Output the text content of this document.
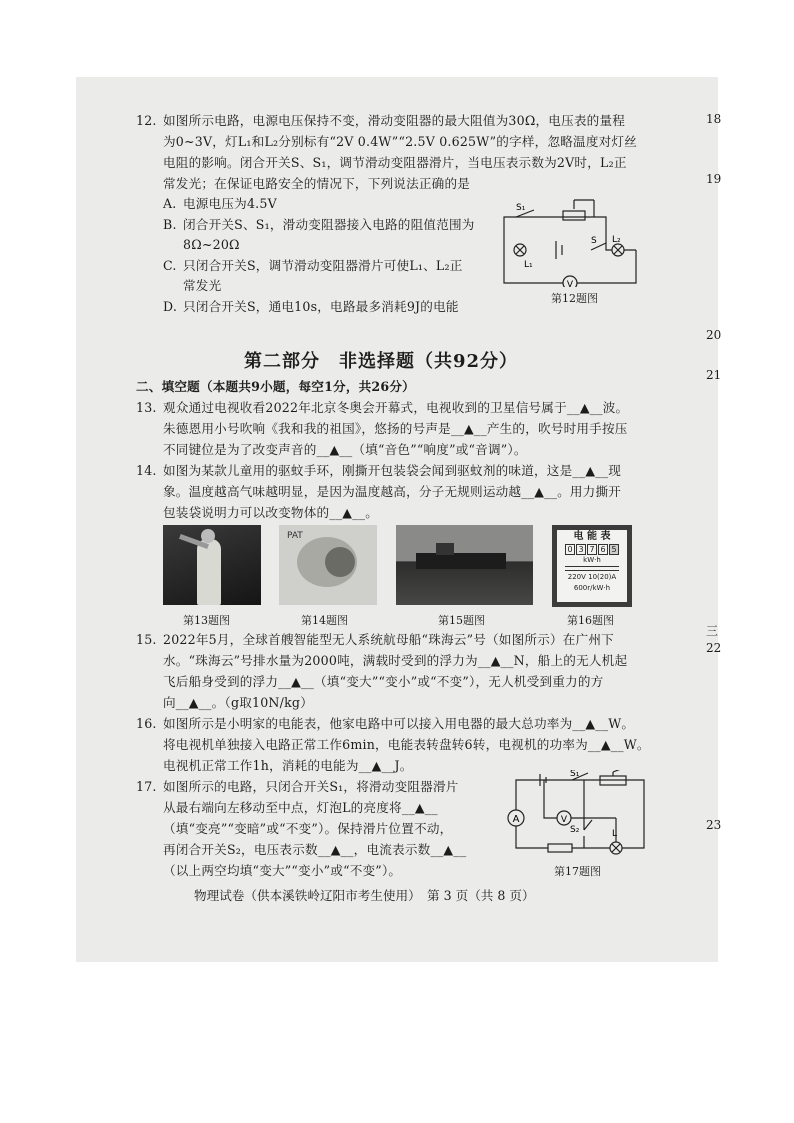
12. 如图所示电路，电源电压保持不变，滑动变阻器的最大阻值为30Ω，电压表的量程
为0~3V，灯L₁和L₂分别标有“2V 0.4W”“2.5V 0.625W”的字样，忽略温度对灯丝
电阻的影响。闭合开关S、S₁，调节滑动变阻器滑片，当电压表示数为2V时，L₂正
常发光；在保证电路安全的情况下，下列说法正确的是
A. 电源电压为4.5V
B. 闭合开关S、S₁，滑动变阻器接入电路的阻值范围为
8Ω~20Ω
C. 只闭合开关S，调节滑动变阻器滑片可使L₁、L₂正
常发光
D. 只闭合开关S，通电10s，电路最多消耗9J的电能
V
S₁
S
L₁
L₂
第12题图
第二部分　非选择题（共92分）
二、填空题（本题共9小题，每空1分，共26分）
13. 观众通过电视收看2022年北京冬奥会开幕式，电视收到的卫星信号属于__▲__波。
朱德恩用小号吹响《我和我的祖国》，悠扬的号声是__▲__产生的，吹号时用手按压
不同键位是为了改变声音的__▲__（填“音色”“响度”或“音调”）。
14. 如图为某款儿童用的驱蚊手环，刚撕开包装袋会闻到驱蚊剂的味道，这是__▲__现
象。温度越高气味越明显，是因为温度越高，分子无规则运动越__▲__。用力撕开
包装袋说明力可以改变物体的__▲__。
第13题图
PAT
第14题图	第15题图
电 能 表
0 3 7 6 5
kW·h
220V 10(20)A
600r/kW·h
第16题图
15. 2022年5月，全球首艘智能型无人系统航母船“珠海云”号（如图所示）在广州下
水。“珠海云”号排水量为2000吨，满载时受到的浮力为__▲__N，船上的无人机起
飞后船身受到的浮力__▲__（填“变大”“变小”或“不变”），无人机受到重力的方
向__▲__。（g取10N/kg）
16. 如图所示是小明家的电能表，他家电路中可以接入用电器的最大总功率为__▲__W。
将电视机单独接入电路正常工作6min，电能表转盘转6转，电视机的功率为__▲__W。
电视机正常工作1h，消耗的电能为__▲__J。
17. 如图所示的电路，只闭合开关S₁，将滑动变阻器滑片
从最右端向左移动至中点，灯泡L的亮度将__▲__
（填“变亮”“变暗”或“不变”）。保持滑片位置不动，
再闭合开关S₂，电压表示数__▲__，电流表示数__▲__
（以上两空均填“变大”“变小”或“不变”）。
A	V
S₁
S₂	L
第17题图
物理试卷（供本溪铁岭辽阳市考生使用）　第 3 页（共 8 页）
18
19
20
21
三
22
23
